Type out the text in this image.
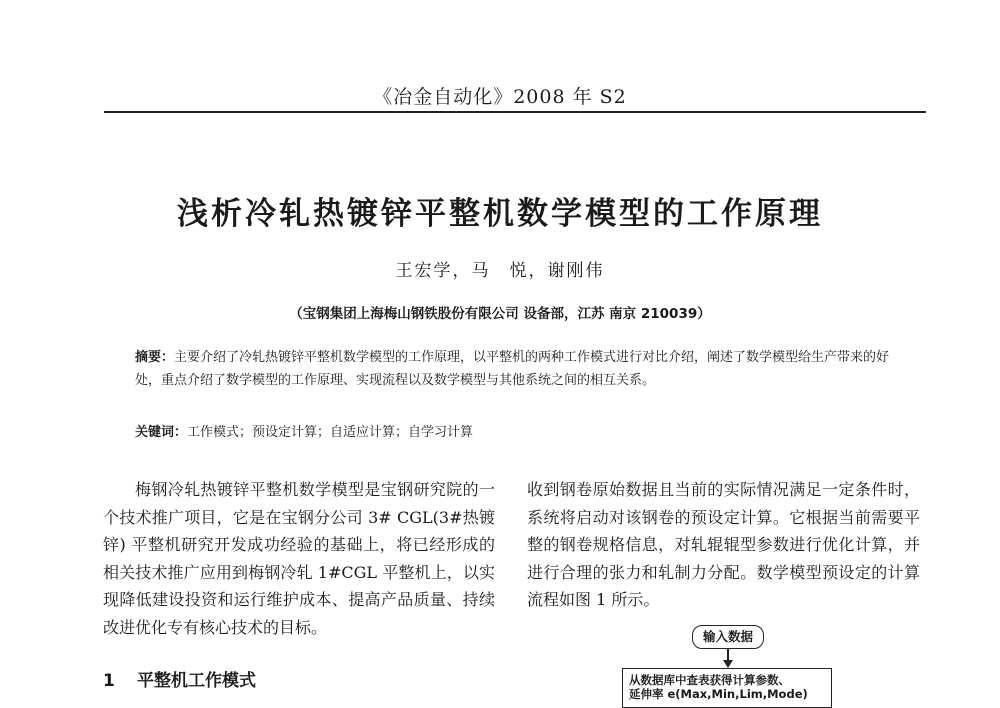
《冶金自动化》2008 年 S2
浅析冷轧热镀锌平整机数学模型的工作原理
王宏学，马　悦，谢刚伟
（宝钢集团上海梅山钢铁股份有限公司 设备部，江苏 南京 210039）
摘要：主要介绍了冷轧热镀锌平整机数学模型的工作原理，以平整机的两种工作模式进行对比介绍，阐述了数学模型给生产带来的好处，重点介绍了数学模型的工作原理、实现流程以及数学模型与其他系统之间的相互关系。
关键词：工作模式；预设定计算；自适应计算；自学习计算

梅钢冷轧热镀锌平整机数学模型是宝钢研究院的一个技术推广项目，它是在宝钢分公司 3# CGL(3#热镀锌) 平整机研究开发成功经验的基础上，将已经形成的相关技术推广应用到梅钢冷轧 1#CGL 平整机上，以实现降低建设投资和运行维护成本、提高产品质量、持续改进优化专有核心技术的目标。

1 平整机工作模式

收到钢卷原始数据且当前的实际情况满足一定条件时，系统将启动对该钢卷的预设定计算。它根据当前需要平整的钢卷规格信息，对轧辊辊型参数进行优化计算，并进行合理的张力和轧制力分配。数学模型预设定的计算流程如图 1 所示。

输入数据
从数据库中查表获得计算参数、
延伸率 e(Max,Min,Lim,Mode)
